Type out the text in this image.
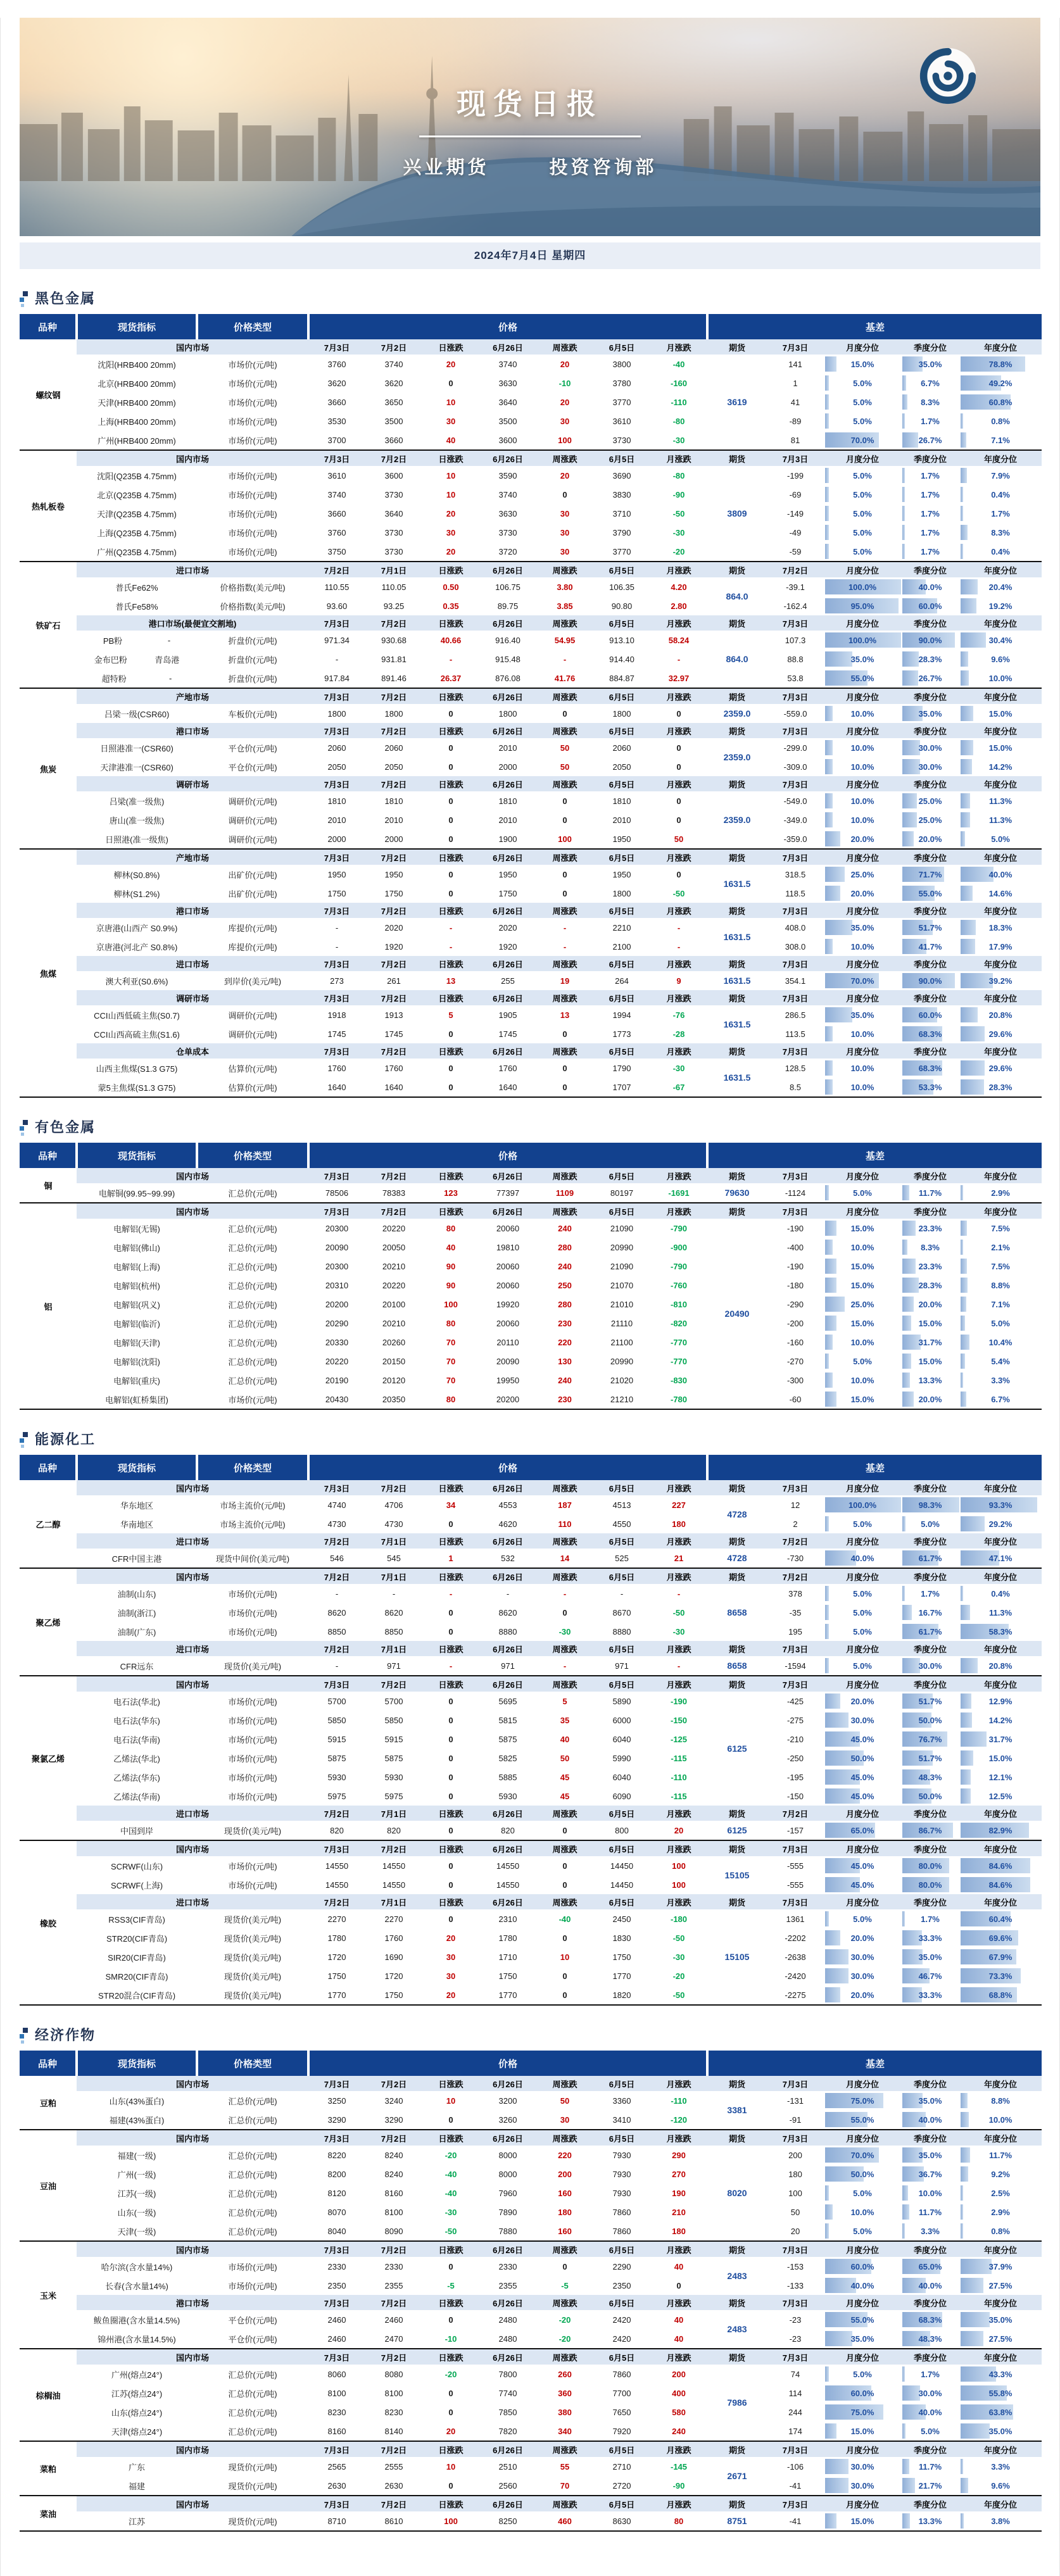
现货日报
兴业期货	投资咨询部
2024年7月4日 星期四
黑色金属
品种	现货指标	价格类型	价格							基差				
螺纹钢	国内市场		7月3日	7月2日	日涨跌	6月26日	周涨跌	6月5日	月涨跌	期货	7月3日	月度分位	季度分位	年度分位
	沈阳(HRB400 20mm)	市场价(元/吨)	3760	3740	20	3740	20	3800	-40		141	15.0%	35.0%	78.8%
	北京(HRB400 20mm)	市场价(元/吨)	3620	3620	0	3630	-10	3780	-160		1	5.0%	6.7%	49.2%
	天津(HRB400 20mm)	市场价(元/吨)	3660	3650	10	3640	20	3770	-110	3619	41	5.0%	8.3%	60.8%
	上海(HRB400 20mm)	市场价(元/吨)	3530	3500	30	3500	30	3610	-80		-89	5.0%	1.7%	0.8%
	广州(HRB400 20mm)	市场价(元/吨)	3700	3660	40	3600	100	3730	-30		81	70.0%	26.7%	7.1%
热轧板卷	国内市场		7月3日	7月2日	日涨跌	6月26日	周涨跌	6月5日	月涨跌	期货	7月3日	月度分位	季度分位	年度分位
	沈阳(Q235B 4.75mm)	市场价(元/吨)	3610	3600	10	3590	20	3690	-80		-199	5.0%	1.7%	7.9%
	北京(Q235B 4.75mm)	市场价(元/吨)	3740	3730	10	3740	0	3830	-90		-69	5.0%	1.7%	0.4%
	天津(Q235B 4.75mm)	市场价(元/吨)	3660	3640	20	3630	30	3710	-50	3809	-149	5.0%	1.7%	1.7%
	上海(Q235B 4.75mm)	市场价(元/吨)	3760	3730	30	3730	30	3790	-30		-49	5.0%	1.7%	8.3%
	广州(Q235B 4.75mm)	市场价(元/吨)	3750	3730	20	3720	30	3770	-20		-59	5.0%	1.7%	0.4%
铁矿石	进口市场		7月2日	7月1日	日涨跌	6月26日	周涨跌	6月5日	月涨跌	期货	7月2日	月度分位	季度分位	年度分位
	普氏Fe62%	价格指数(美元/吨)	110.55	110.05	0.50	106.75	3.80	106.35	4.20	864.0	-39.1	100.0%	40.0%	20.4%
	普氏Fe58%	价格指数(美元/吨)	93.60	93.25	0.35	89.75	3.85	90.80	2.80		-162.4	95.0%	60.0%	19.2%
	港口市场(最便宜交割地)		7月3日	7月2日	日涨跌	6月26日	周涨跌	6月5日	月涨跌	期货	7月3日	月度分位	季度分位	年度分位

	PB粉 -	折盘价(元/吨)	971.34	930.68	40.66	916.40	54.95	913.10	58.24	864.0	107.3	100.0%	90.0%	30.4%

	金布巴粉 青岛港	折盘价(元/吨)	-	931.81	-	915.48	-	914.40	-		88.8	35.0%	28.3%	9.6%

	超特粉 -	折盘价(元/吨)	917.84	891.46	26.37	876.08	41.76	884.87	32.97		53.8	55.0%	26.7%	10.0%
焦炭	产地市场		7月3日	7月2日	日涨跌	6月26日	周涨跌	6月5日	月涨跌	期货	7月3日	月度分位	季度分位	年度分位
	吕梁一级(CSR60)	车板价(元/吨)	1800	1800	0	1800	0	1800	0	2359.0	-559.0	10.0%	35.0%	15.0%
	港口市场		7月3日	7月2日	日涨跌	6月26日	周涨跌	6月5日	月涨跌	期货	7月3日	月度分位	季度分位	年度分位
	日照港准一(CSR60)	平仓价(元/吨)	2060	2060	0	2010	50	2060	0	2359.0	-299.0	10.0%	30.0%	15.0%
	天津港准一(CSR60)	平仓价(元/吨)	2050	2050	0	2000	50	2050	0		-309.0	10.0%	30.0%	14.2%
	调研市场		7月3日	7月2日	日涨跌	6月26日	周涨跌	6月5日	月涨跌	期货	7月3日	月度分位	季度分位	年度分位
	吕梁(准一级焦)	调研价(元/吨)	1810	1810	0	1810	0	1810	0	2359.0	-549.0	10.0%	25.0%	11.3%
	唐山(准一级焦)	调研价(元/吨)	2010	2010	0	2010	0	2010	0		-349.0	10.0%	25.0%	11.3%
	日照港(准一级焦)	调研价(元/吨)	2000	2000	0	1900	100	1950	50		-359.0	20.0%	20.0%	5.0%
焦煤	产地市场		7月3日	7月2日	日涨跌	6月26日	周涨跌	6月5日	月涨跌	期货	7月3日	月度分位	季度分位	年度分位
	柳林(S0.8%)	出矿价(元/吨)	1950	1950	0	1950	0	1950	0	1631.5	318.5	25.0%	71.7%	40.0%
	柳林(S1.2%)	出矿价(元/吨)	1750	1750	0	1750	0	1800	-50		118.5	20.0%	55.0%	14.6%
	港口市场		7月3日	7月2日	日涨跌	6月26日	周涨跌	6月5日	月涨跌	期货	7月3日	月度分位	季度分位	年度分位
	京唐港(山西产 S0.9%)	库提价(元/吨)	-	2020	-	2020	-	2210	-	1631.5	408.0	35.0%	51.7%	18.3%
	京唐港(河北产 S0.8%)	库提价(元/吨)	-	1920	-	1920	-	2100	-		308.0	10.0%	41.7%	17.9%
	进口市场		7月3日	7月2日	日涨跌	6月26日	周涨跌	6月5日	月涨跌	期货	7月3日	月度分位	季度分位	年度分位
	澳大利亚(S0.6%)	到岸价(美元/吨)	273	261	13	255	19	264	9	1631.5	354.1	70.0%	90.0%	39.2%
	调研市场		7月3日	7月2日	日涨跌	6月26日	周涨跌	6月5日	月涨跌	期货	7月3日	月度分位	季度分位	年度分位
	CCI山西低硫主焦(S0.7)	调研价(元/吨)	1918	1913	5	1905	13	1994	-76	1631.5	286.5	35.0%	60.0%	20.8%
	CCI山西高硫主焦(S1.6)	调研价(元/吨)	1745	1745	0	1745	0	1773	-28		113.5	10.0%	68.3%	29.6%
	仓单成本		7月3日	7月2日	日涨跌	6月26日	周涨跌	6月5日	月涨跌	期货	7月3日	月度分位	季度分位	年度分位
	山西主焦煤(S1.3 G75)	估算价(元/吨)	1760	1760	0	1760	0	1790	-30	1631.5	128.5	10.0%	68.3%	29.6%
	蒙5主焦煤(S1.3 G75)	估算价(元/吨)	1640	1640	0	1640	0	1707	-67		8.5	10.0%	53.3%	28.3%
有色金属
品种	现货指标	价格类型	价格							基差				
铜	国内市场		7月3日	7月2日	日涨跌	6月26日	周涨跌	6月5日	月涨跌	期货	7月3日	月度分位	季度分位	年度分位
	电解铜(99.95~99.99)	汇总价(元/吨)	78506	78383	123	77397	1109	80197	-1691	79630	-1124	5.0%	11.7%	2.9%
铝	国内市场		7月3日	7月2日	日涨跌	6月26日	周涨跌	6月5日	月涨跌	期货	7月3日	月度分位	季度分位	年度分位
	电解铝(无锡)	汇总价(元/吨)	20300	20220	80	20060	240	21090	-790	20490	-190	15.0%	23.3%	7.5%
	电解铝(佛山)	汇总价(元/吨)	20090	20050	40	19810	280	20990	-900		-400	10.0%	8.3%	2.1%
	电解铝(上海)	汇总价(元/吨)	20300	20210	90	20060	240	21090	-790		-190	15.0%	23.3%	7.5%
	电解铝(杭州)	汇总价(元/吨)	20310	20220	90	20060	250	21070	-760		-180	15.0%	28.3%	8.8%
	电解铝(巩义)	汇总价(元/吨)	20200	20100	100	19920	280	21010	-810		-290	25.0%	20.0%	7.1%
	电解铝(临沂)	汇总价(元/吨)	20290	20210	80	20060	230	21110	-820		-200	15.0%	15.0%	5.0%
	电解铝(天津)	汇总价(元/吨)	20330	20260	70	20110	220	21100	-770		-160	10.0%	31.7%	10.4%
	电解铝(沈阳)	汇总价(元/吨)	20220	20150	70	20090	130	20990	-770		-270	5.0%	15.0%	5.4%
	电解铝(重庆)	汇总价(元/吨)	20190	20120	70	19950	240	21020	-830		-300	10.0%	13.3%	3.3%
	电解铝(虹桥集团)	市场价(元/吨)	20430	20350	80	20200	230	21210	-780		-60	15.0%	20.0%	6.7%
能源化工
品种	现货指标	价格类型	价格							基差				
乙二醇	国内市场		7月3日	7月2日	日涨跌	6月26日	周涨跌	6月5日	月涨跌	期货	7月3日	月度分位	季度分位	年度分位
	华东地区	市场主流价(元/吨)	4740	4706	34	4553	187	4513	227	4728	12	100.0%	98.3%	93.3%
	华南地区	市场主流价(元/吨)	4730	4730	0	4620	110	4550	180		2	5.0%	5.0%	29.2%
	进口市场		7月2日	7月1日	日涨跌	6月26日	周涨跌	6月5日	月涨跌	期货	7月2日	月度分位	季度分位	年度分位
	CFR中国主港	现货中间价(美元/吨)	546	545	1	532	14	525	21	4728	-730	40.0%	61.7%	47.1%
聚乙烯	国内市场		7月2日	7月1日	日涨跌	6月26日	周涨跌	6月5日	月涨跌	期货	7月2日	月度分位	季度分位	年度分位
	油制(山东)	市场价(元/吨)	-	-	-	-	-	-	-	8658	378	5.0%	1.7%	0.4%
	油制(浙江)	市场价(元/吨)	8620	8620	0	8620	0	8670	-50		-35	5.0%	16.7%	11.3%
	油制(广东)	市场价(元/吨)	8850	8850	0	8880	-30	8880	-30		195	5.0%	61.7%	58.3%
	进口市场		7月2日	7月1日	日涨跌	6月26日	周涨跌	6月5日	月涨跌	期货	7月3日	月度分位	季度分位	年度分位
	CFR远东	现货价(美元/吨)	-	971	-	971	-	971	-	8658	-1594	5.0%	30.0%	20.8%
聚氯乙烯	国内市场		7月3日	7月2日	日涨跌	6月26日	周涨跌	6月5日	月涨跌	期货	7月3日	月度分位	季度分位	年度分位
	电石法(华北)	市场价(元/吨)	5700	5700	0	5695	5	5890	-190	6125	-425	20.0%	51.7%	12.9%
	电石法(华东)	市场价(元/吨)	5850	5850	0	5815	35	6000	-150		-275	30.0%	50.0%	14.2%
	电石法(华南)	市场价(元/吨)	5915	5915	0	5875	40	6040	-125		-210	45.0%	76.7%	31.7%
	乙烯法(华北)	市场价(元/吨)	5875	5875	0	5825	50	5990	-115		-250	50.0%	51.7%	15.0%
	乙烯法(华东)	市场价(元/吨)	5930	5930	0	5885	45	6040	-110		-195	45.0%	48.3%	12.1%
	乙烯法(华南)	市场价(元/吨)	5975	5975	0	5930	45	6090	-115		-150	45.0%	50.0%	12.5%
	进口市场		7月2日	7月1日	日涨跌	6月26日	周涨跌	6月5日	月涨跌	期货	7月2日	月度分位	季度分位	年度分位
	中国到岸	现货价(美元/吨)	820	820	0	820	0	800	20	6125	-157	65.0%	86.7%	82.9%
橡胶	国内市场		7月3日	7月2日	日涨跌	6月26日	周涨跌	6月5日	月涨跌	期货	7月3日	月度分位	季度分位	年度分位
	SCRWF(山东)	市场价(元/吨)	14550	14550	0	14550	0	14450	100	15105	-555	45.0%	80.0%	84.6%
	SCRWF(上海)	市场价(元/吨)	14550	14550	0	14550	0	14450	100		-555	45.0%	80.0%	84.6%
	进口市场		7月2日	7月1日	日涨跌	6月26日	周涨跌	6月5日	月涨跌	期货	7月3日	月度分位	季度分位	年度分位
	RSS3(CIF青岛)	现货价(美元/吨)	2270	2270	0	2310	-40	2450	-180	15105	1361	5.0%	1.7%	60.4%
	STR20(CIF青岛)	现货价(美元/吨)	1780	1760	20	1780	0	1830	-50		-2202	20.0%	33.3%	69.6%
	SIR20(CIF青岛)	现货价(美元/吨)	1720	1690	30	1710	10	1750	-30		-2638	30.0%	35.0%	67.9%
	SMR20(CIF青岛)	现货价(美元/吨)	1750	1720	30	1750	0	1770	-20		-2420	30.0%	46.7%	73.3%
	STR20混合(CIF青岛)	现货价(美元/吨)	1770	1750	20	1770	0	1820	-50		-2275	20.0%	33.3%	68.8%
经济作物
品种	现货指标	价格类型	价格							基差				
豆粕	国内市场		7月3日	7月2日	日涨跌	6月26日	周涨跌	6月5日	月涨跌	期货	7月3日	月度分位	季度分位	年度分位
	山东(43%蛋白)	汇总价(元/吨)	3250	3240	10	3200	50	3360	-110	3381	-131	75.0%	35.0%	8.8%
	福建(43%蛋白)	汇总价(元/吨)	3290	3290	0	3260	30	3410	-120		-91	55.0%	40.0%	10.0%
豆油	国内市场		7月3日	7月2日	日涨跌	6月26日	周涨跌	6月5日	月涨跌	期货	7月3日	月度分位	季度分位	年度分位
	福建(一级)	汇总价(元/吨)	8220	8240	-20	8000	220	7930	290	8020	200	70.0%	35.0%	11.7%
	广州(一级)	汇总价(元/吨)	8200	8240	-40	8000	200	7930	270		180	50.0%	36.7%	9.2%
	江苏(一级)	汇总价(元/吨)	8120	8160	-40	7960	160	7930	190		100	5.0%	10.0%	2.5%
	山东(一级)	汇总价(元/吨)	8070	8100	-30	7890	180	7860	210		50	10.0%	11.7%	2.9%
	天津(一级)	汇总价(元/吨)	8040	8090	-50	7880	160	7860	180		20	5.0%	3.3%	0.8%
玉米	国内市场		7月3日	7月2日	日涨跌	6月26日	周涨跌	6月5日	月涨跌	期货	7月3日	月度分位	季度分位	年度分位
	哈尔滨(含水量14%)	市场价(元/吨)	2330	2330	0	2330	0	2290	40	2483	-153	60.0%	65.0%	37.9%
	长春(含水量14%)	市场价(元/吨)	2350	2355	-5	2355	-5	2350	0		-133	40.0%	40.0%	27.5%
	港口市场		7月3日	7月2日	日涨跌	6月26日	周涨跌	6月5日	月涨跌	期货	7月3日	月度分位	季度分位	年度分位
	鲅鱼圈港(含水量14.5%)	平仓价(元/吨)	2460	2460	0	2480	-20	2420	40	2483	-23	55.0%	68.3%	35.0%
	锦州港(含水量14.5%)	平仓价(元/吨)	2460	2470	-10	2480	-20	2420	40		-23	35.0%	48.3%	27.5%
棕榈油	国内市场		7月3日	7月2日	日涨跌	6月26日	周涨跌	6月5日	月涨跌	期货	7月3日	月度分位	季度分位	年度分位
	广州(熔点24°)	汇总价(元/吨)	8060	8080	-20	7800	260	7860	200	7986	74	5.0%	1.7%	43.3%
	江苏(熔点24°)	汇总价(元/吨)	8100	8100	0	7740	360	7700	400		114	60.0%	30.0%	55.8%
	山东(熔点24°)	汇总价(元/吨)	8230	8230	0	7850	380	7650	580		244	75.0%	40.0%	63.8%
	天津(熔点24°)	汇总价(元/吨)	8160	8140	20	7820	340	7920	240		174	15.0%	5.0%	35.0%
菜粕	国内市场		7月3日	7月2日	日涨跌	6月26日	周涨跌	6月5日	月涨跌	期货	7月3日	月度分位	季度分位	年度分位
	广东	现货价(元/吨)	2565	2555	10	2510	55	2710	-145	2671	-106	30.0%	11.7%	3.3%
	福建	现货价(元/吨)	2630	2630	0	2560	70	2720	-90		-41	30.0%	21.7%	9.6%
菜油	国内市场		7月3日	7月2日	日涨跌	6月26日	周涨跌	6月5日	月涨跌	期货	7月3日	月度分位	季度分位	年度分位
	江苏	现货价(元/吨)	8710	8610	100	8250	460	8630	80	8751	-41	15.0%	13.3%	3.8%
